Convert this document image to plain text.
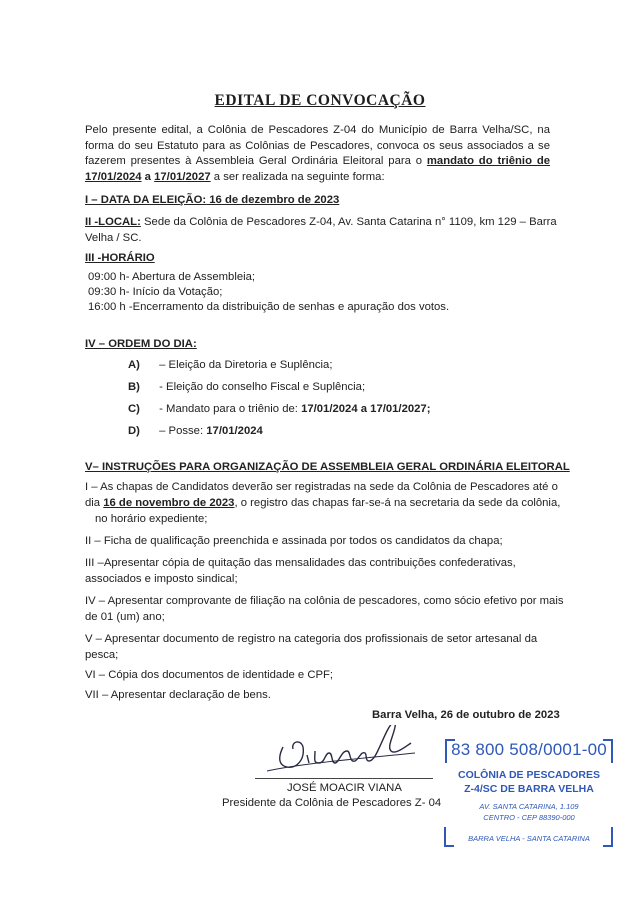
EDITAL DE CONVOCAÇÃO
Pelo presente edital, a Colônia de Pescadores Z-04 do Município de Barra Velha/SC, na forma do seu Estatuto para as Colônias de Pescadores, convoca os seus associados a se fazerem presentes à Assembleia Geral Ordinária Eleitoral para o mandato do triênio de 17/01/2024 a 17/01/2027 a ser realizada na seguinte forma:
I – DATA DA ELEIÇÃO: 16 de dezembro de 2023
II -LOCAL: Sede da Colônia de Pescadores Z-04, Av. Santa Catarina n° 1109, km 129 – Barra
Velha / SC.
III -HORÁRIO
09:00 h- Abertura de Assembleia;
09:30 h- Início da Votação;
16:00 h -Encerramento da distribuição de senhas e apuração dos votos.
IV – ORDEM DO DIA:
A) – Eleição da Diretoria e Suplência;
B) - Eleição do conselho Fiscal e Suplência;
C) - Mandato para o triênio de: 17/01/2024 a 17/01/2027;
D) – Posse: 17/01/2024
V– INSTRUÇÕES PARA ORGANIZAÇÃO DE ASSEMBLEIA GERAL ORDINÁRIA ELEITORAL
I – As chapas de Candidatos deverão ser registradas na sede da Colônia de Pescadores até o
dia 16 de novembro de 2023, o registro das chapas far-se-á na secretaria da sede da colônia,
no horário expediente;
II – Ficha de qualificação preenchida e assinada por todos os candidatos da chapa;
III –Apresentar cópia de quitação das mensalidades das contribuições confederativas,
associados e imposto sindical;
IV – Apresentar comprovante de filiação na colônia de pescadores, como sócio efetivo por mais
de 01 (um) ano;
V – Apresentar documento de registro na categoria dos profissionais de setor artesanal da
pesca;
VI – Cópia dos documentos de identidade e CPF;
VII – Apresentar declaração de bens.
Barra Velha, 26 de outubro de 2023
JOSÉ MOACIR VIANA
Presidente da Colônia de Pescadores Z- 04
83 800 508/0001-00
COLÔNIA DE PESCADORES
Z-4/SC DE BARRA VELHA
AV. SANTA CATARINA, 1.109
CENTRO - CEP 88390-000
BARRA VELHA - SANTA CATARINA
